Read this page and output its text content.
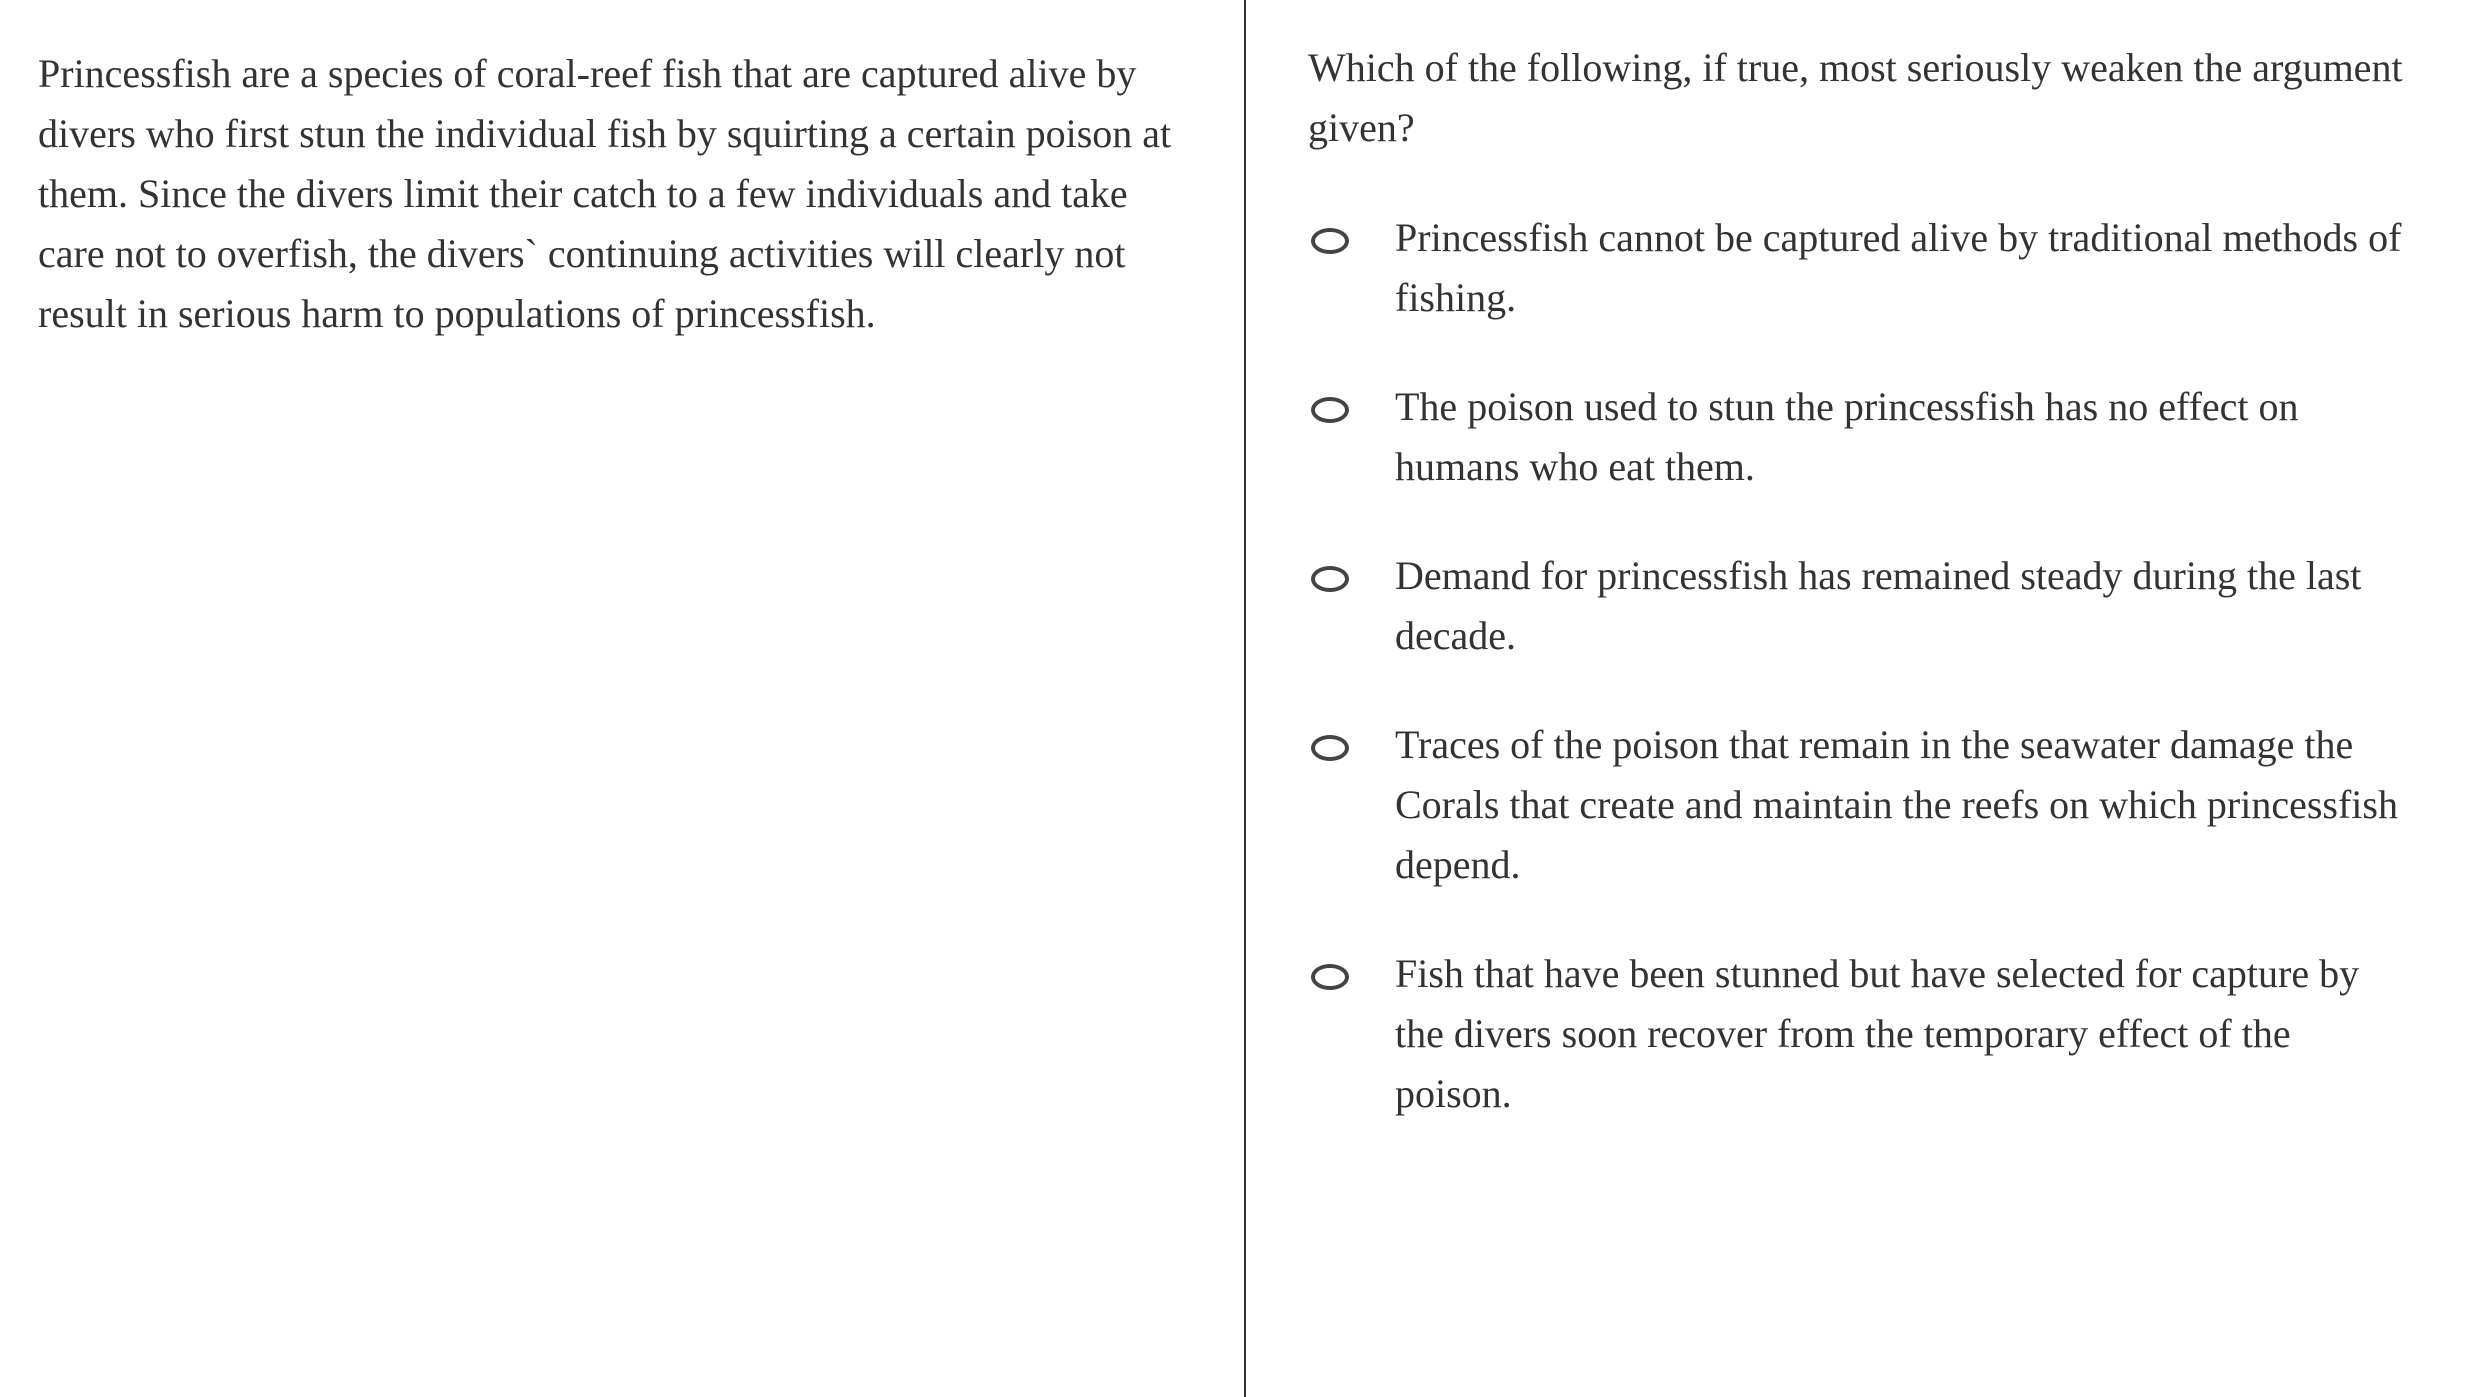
Princessfish are a species of coral-reef fish that are captured alive by divers who first stun the individual fish by squirting a certain poison at them. Since the divers limit their catch to a few individuals and take care not to overfish, the divers` continuing activities will clearly not result in serious harm to populations of princessfish.

Which of the following, if true, most seriously weaken the argument given?

Princessfish cannot be captured alive by traditional methods of fishing.
The poison used to stun the princessfish has no effect on humans who eat them.
Demand for princessfish has remained steady during the last decade.
Traces of the poison that remain in the seawater damage the Corals that create and maintain the reefs on which princessfish depend.
Fish that have been stunned but have selected for capture by the divers soon recover from the temporary effect of the poison.
